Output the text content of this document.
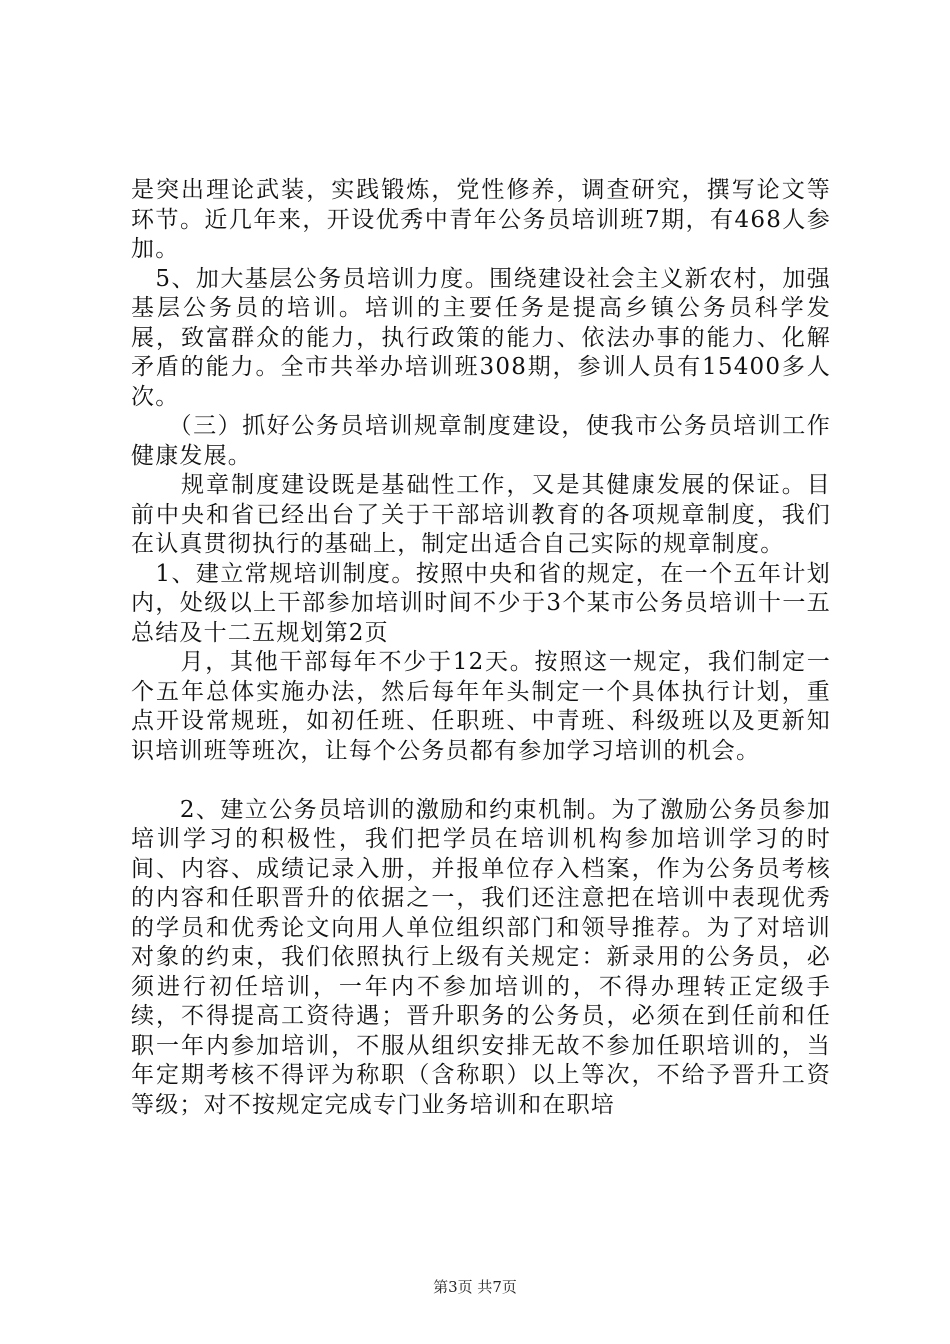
是突出理论武装，实践锻炼，党性修养，调查研究，撰写论文等环节。近几年来，开设优秀中青年公务员培训班7期，有468人参加。

　5、加大基层公务员培训力度。围绕建设社会主义新农村，加强基层公务员的培训。培训的主要任务是提高乡镇公务员科学发展，致富群众的能力，执行政策的能力、依法办事的能力、化解矛盾的能力。全市共举办培训班308期，参训人员有15400多人次。

　　（三）抓好公务员培训规章制度建设，使我市公务员培训工作健康发展。

　　规章制度建设既是基础性工作，又是其健康发展的保证。目前中央和省已经出台了关于干部培训教育的各项规章制度，我们在认真贯彻执行的基础上，制定出适合自己实际的规章制度。

　1、建立常规培训制度。按照中央和省的规定，在一个五年计划内，处级以上干部参加培训时间不少于3个某市公务员培训十一五总结及十二五规划第2页

　　月，其他干部每年不少于12天。按照这一规定，我们制定一个五年总体实施办法，然后每年年头制定一个具体执行计划，重点开设常规班，如初任班、任职班、中青班、科级班以及更新知识培训班等班次，让每个公务员都有参加学习培训的机会。

　　2、建立公务员培训的激励和约束机制。为了激励公务员参加培训学习的积极性，我们把学员在培训机构参加培训学习的时间、内容、成绩记录入册，并报单位存入档案，作为公务员考核的内容和任职晋升的依据之一，我们还注意把在培训中表现优秀的学员和优秀论文向用人单位组织部门和领导推荐。为了对培训对象的约束，我们依照执行上级有关规定：新录用的公务员，必须进行初任培训，一年内不参加培训的，不得办理转正定级手续，不得提高工资待遇；晋升职务的公务员，必须在到任前和任职一年内参加培训，不服从组织安排无故不参加任职培训的，当年定期考核不得评为称职（含称职）以上等次，不给予晋升工资等级；对不按规定完成专门业务培训和在职培

第3页 共7页
